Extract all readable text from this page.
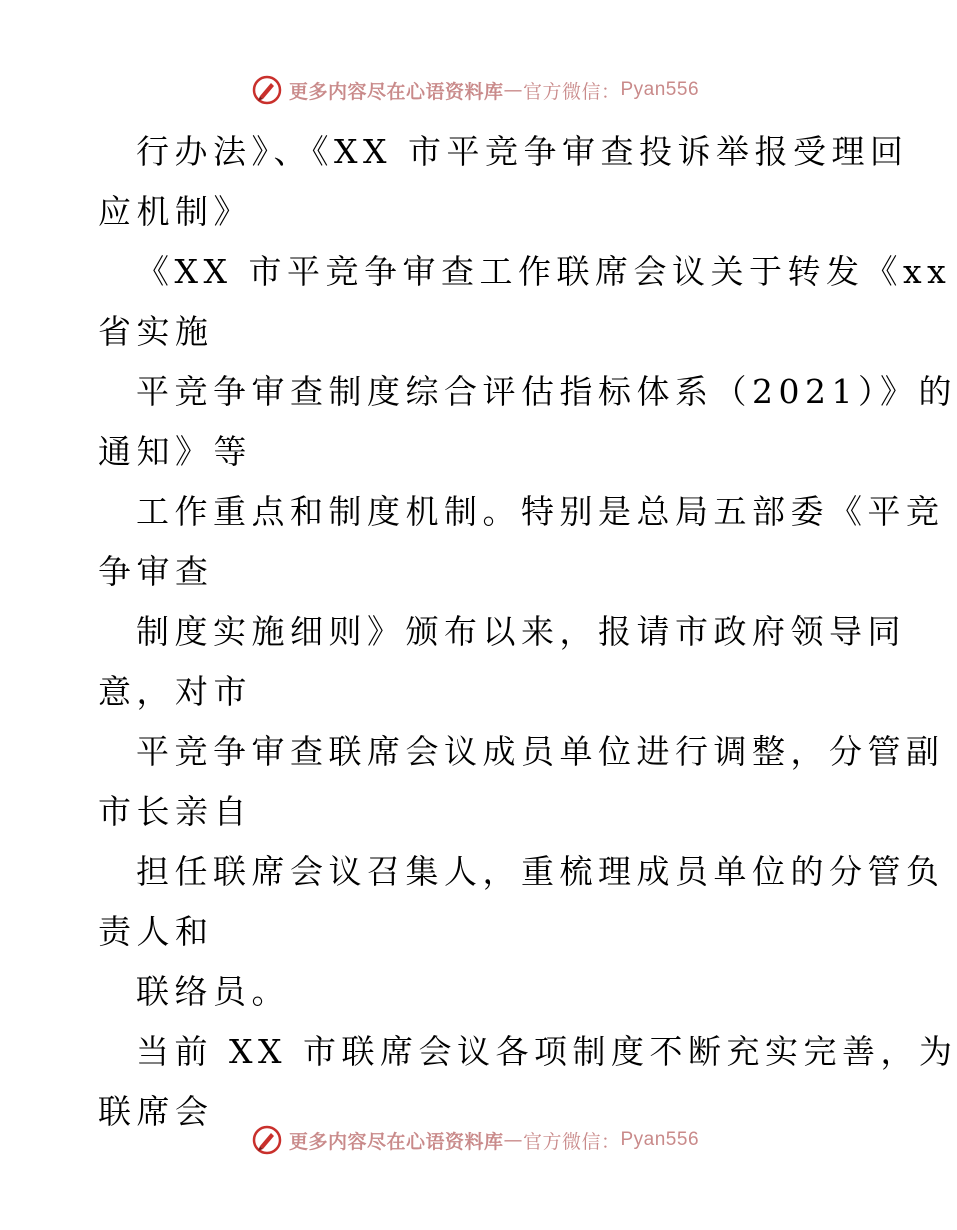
更多内容尽在心语资料库 — 官方微信： Pyan556
行办法》、《XX 市平竞争审查投诉举报受理回
应机制》
《XX 市平竞争审查工作联席会议关于转发《xx
省实施
平竞争审查制度综合评估指标体系（2021）》的
通知》等
工作重点和制度机制。特别是总局五部委《平竞
争审查
制度实施细则》颁布以来，报请市政府领导同
意，对市
平竞争审查联席会议成员单位进行调整，分管副
市长亲自
担任联席会议召集人，重梳理成员单位的分管负
责人和
联络员。
当前 XX 市联席会议各项制度不断充实完善，为
联席会
更多内容尽在心语资料库 — 官方微信： Pyan556
